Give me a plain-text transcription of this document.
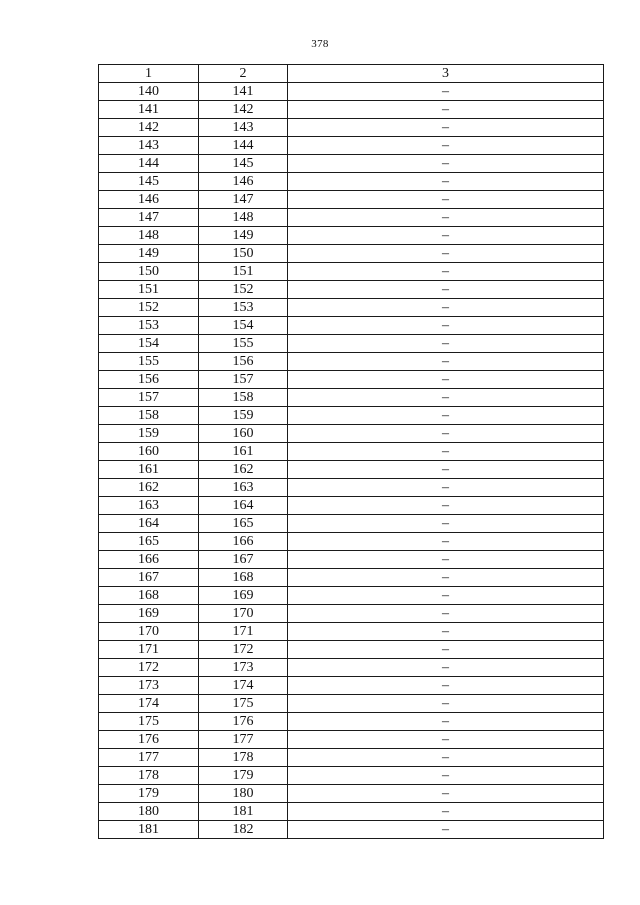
378
1	2	3
140	141	–
141	142	–
142	143	–
143	144	–
144	145	–
145	146	–
146	147	–
147	148	–
148	149	–
149	150	–
150	151	–
151	152	–
152	153	–
153	154	–
154	155	–
155	156	–
156	157	–
157	158	–
158	159	–
159	160	–
160	161	–
161	162	–
162	163	–
163	164	–
164	165	–
165	166	–
166	167	–
167	168	–
168	169	–
169	170	–
170	171	–
171	172	–
172	173	–
173	174	–
174	175	–
175	176	–
176	177	–
177	178	–
178	179	–
179	180	–
180	181	–
181	182	–
